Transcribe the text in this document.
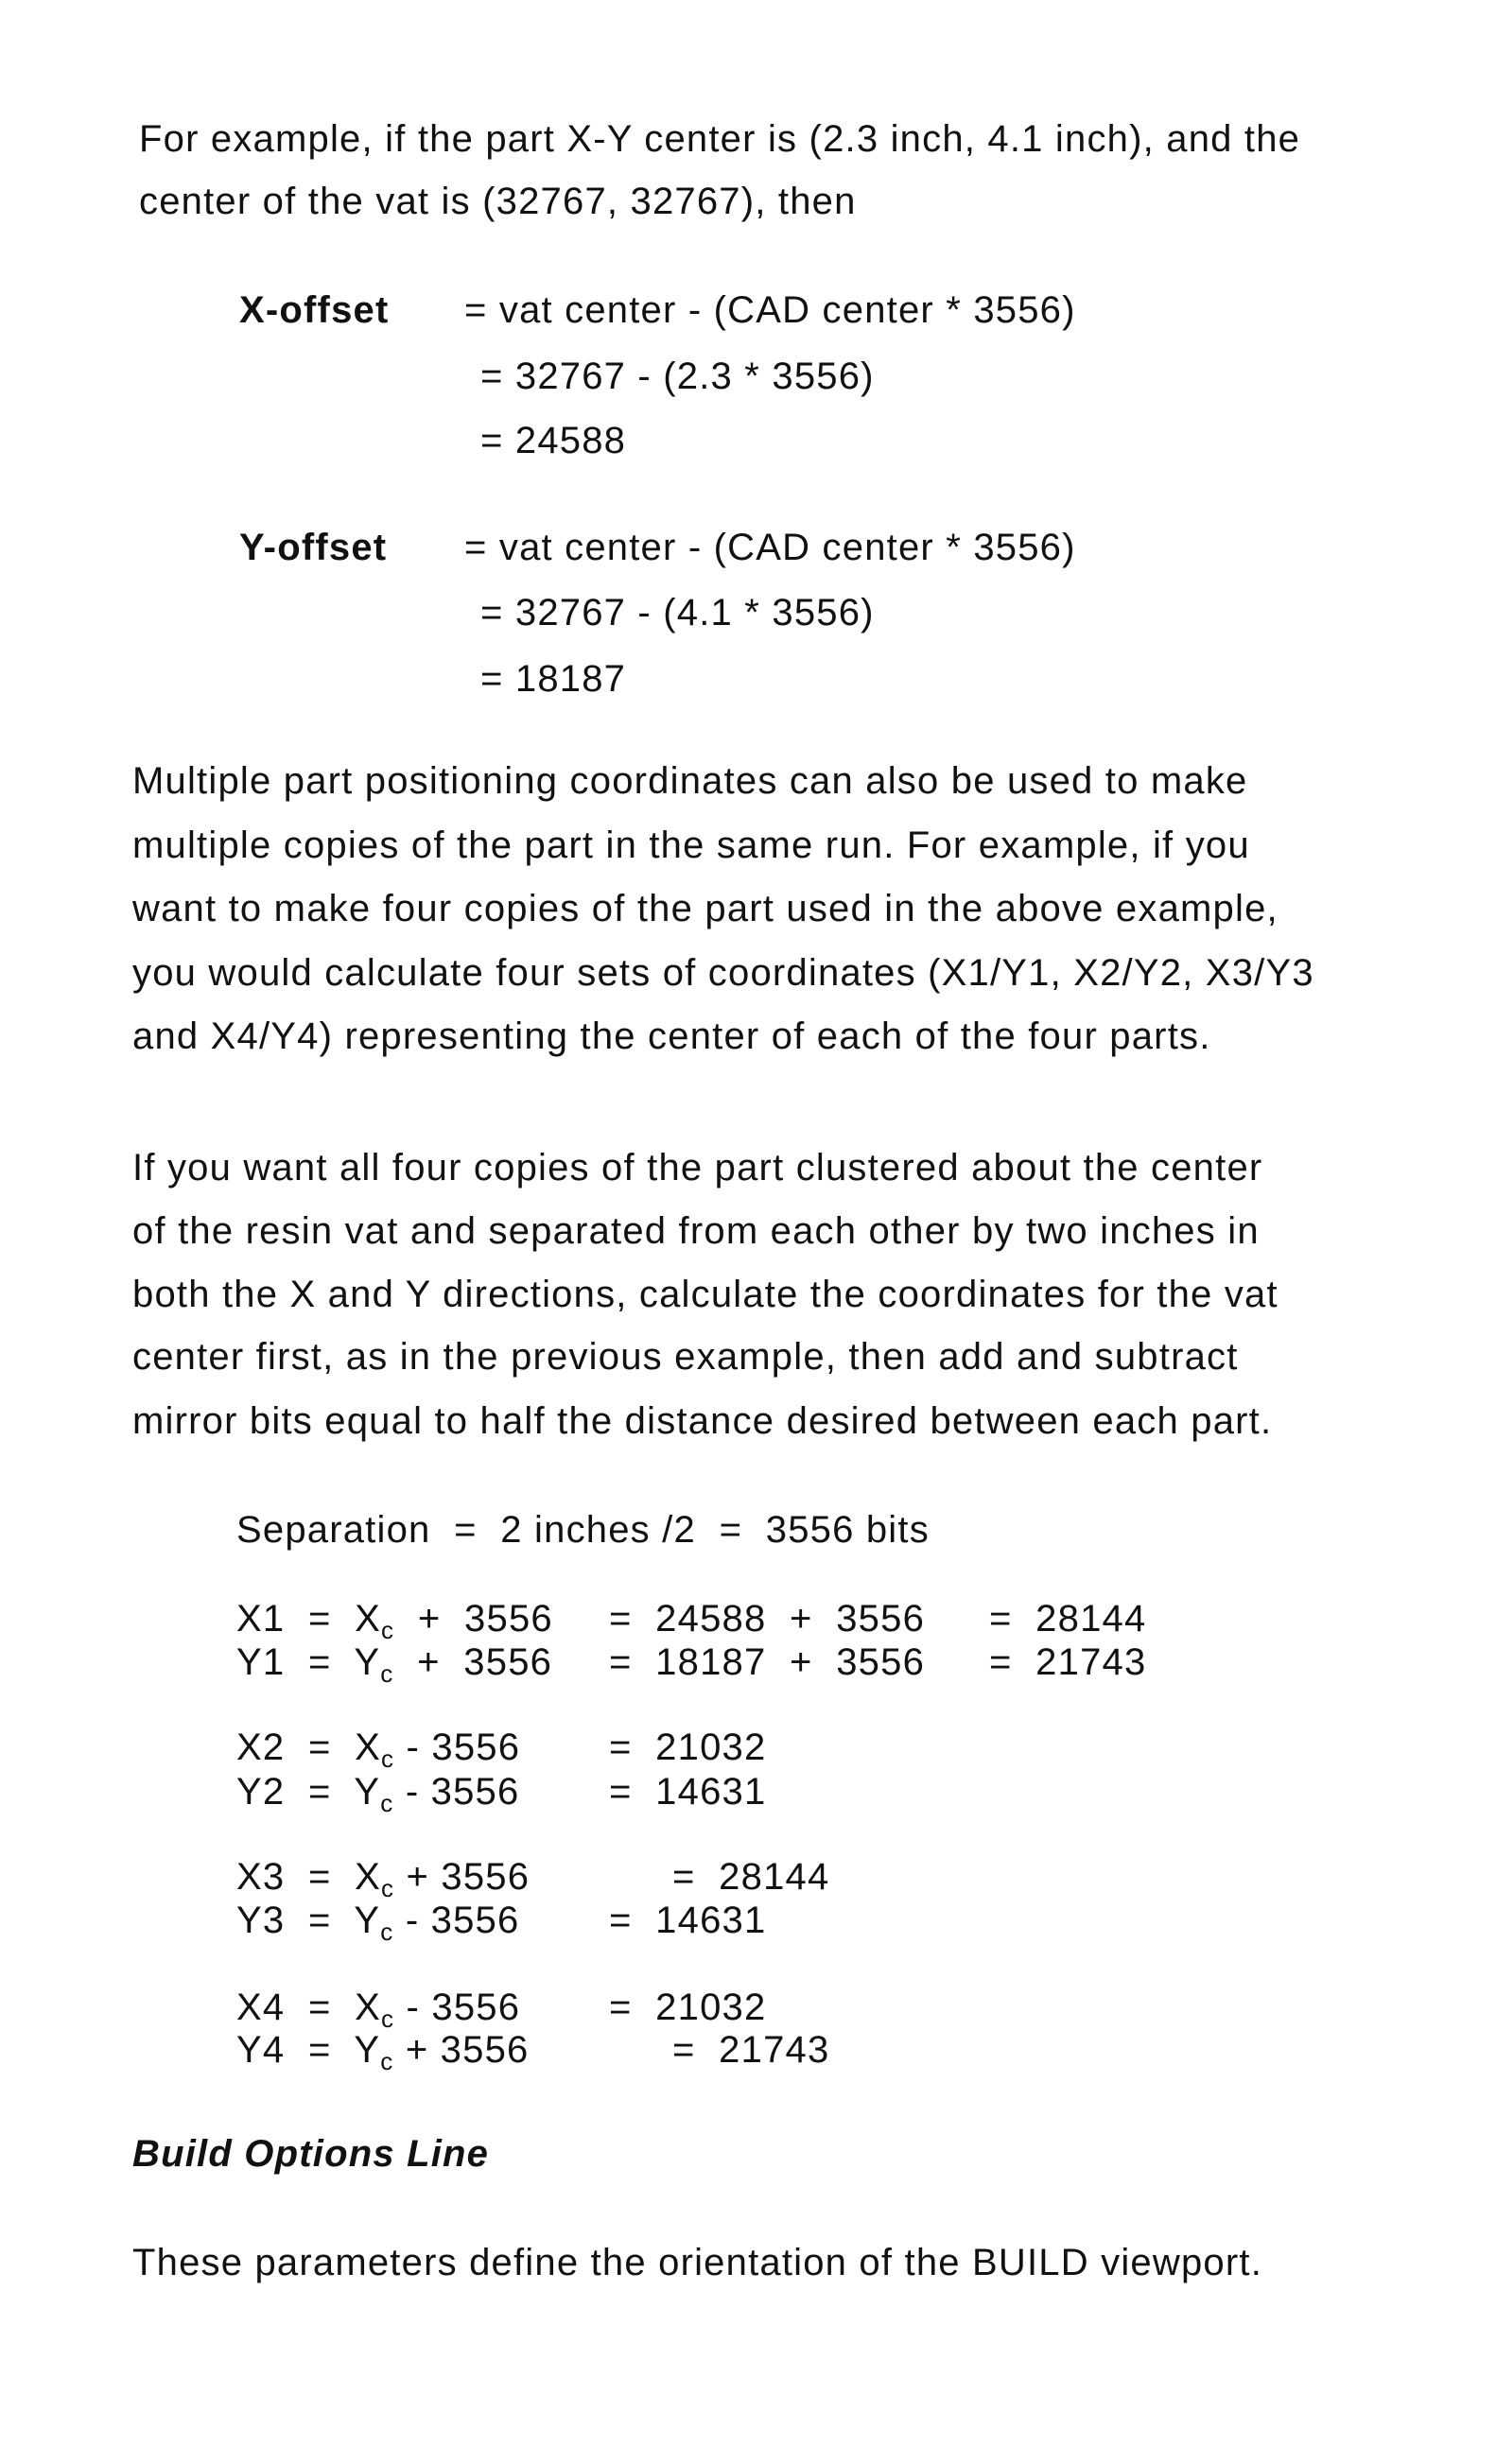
For example, if the part X-Y center is (2.3 inch, 4.1 inch), and the
center of the vat is (32767, 32767), then
X-offset = vat center - (CAD center * 3556)
= 32767 - (2.3 * 3556)
= 24588
Y-offset = vat center - (CAD center * 3556)
= 32767 - (4.1 * 3556)
= 18187
Multiple part positioning coordinates can also be used to make
multiple copies of the part in the same run. For example, if you
want to make four copies of the part used in the above example,
you would calculate four sets of coordinates (X1/Y1, X2/Y2, X3/Y3
and X4/Y4) representing the center of each of the four parts.
If you want all four copies of the part clustered about the center
of the resin vat and separated from each other by two inches in
both the X and Y directions, calculate the coordinates for the vat
center first, as in the previous example, then add and subtract
mirror bits equal to half the distance desired between each part.
Separation  =  2 inches /2  =  3556 bits
X1  =  Xc  +  3556 =  24588  +  3556 =  28144
Y1  =  Yc  +  3556 =  18187  +  3556 =  21743
X2  =  Xc - 3556 =  21032
Y2  =  Yc - 3556 =  14631
X3  =  Xc + 3556	=  28144
Y3  =  Yc - 3556 =  14631
X4  =  Xc - 3556 =  21032
Y4  =  Yc + 3556	=  21743
Build Options Line
These parameters define the orientation of the BUILD viewport.
